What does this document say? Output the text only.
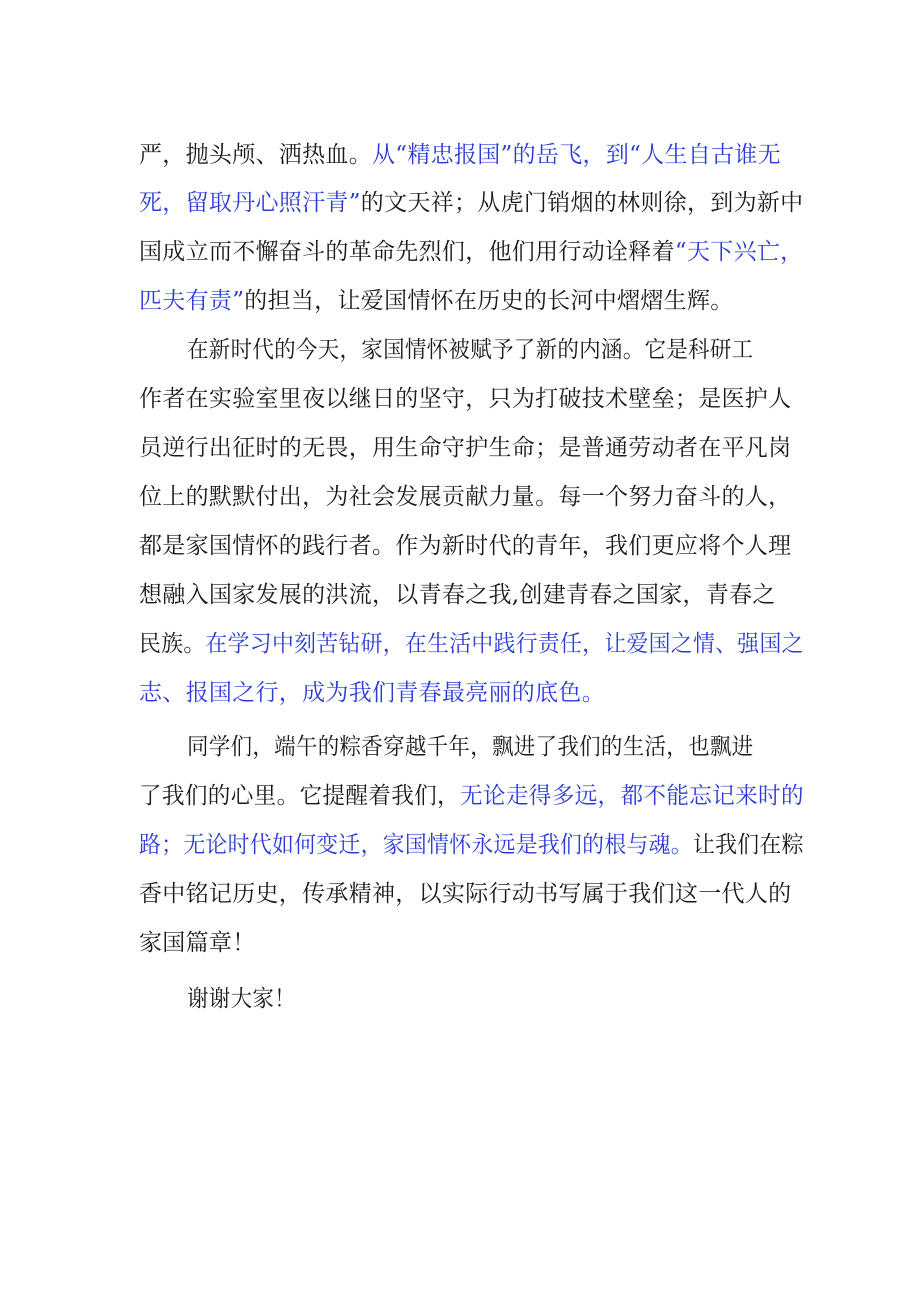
严，抛头颅、洒热血。从“精忠报国”的岳飞，到“人生自古谁无
死，留取丹心照汗青”的文天祥；从虎门销烟的林则徐，到为新中
国成立而不懈奋斗的革命先烈们，他们用行动诠释着“天下兴亡，
匹夫有责”的担当，让爱国情怀在历史的长河中熠熠生辉。
在新时代的今天，家国情怀被赋予了新的内涵。它是科研工
作者在实验室里夜以继日的坚守，只为打破技术壁垒；是医护人
员逆行出征时的无畏，用生命守护生命；是普通劳动者在平凡岗
位上的默默付出，为社会发展贡献力量。每一个努力奋斗的人，
都是家国情怀的践行者。作为新时代的青年，我们更应将个人理
想融入国家发展的洪流，以青春之我,创建青春之国家，青春之
民族。在学习中刻苦钻研，在生活中践行责任，让爱国之情、强国之
志、报国之行，成为我们青春最亮丽的底色。
同学们，端午的粽香穿越千年，飘进了我们的生活，也飘进
了我们的心里。它提醒着我们，无论走得多远，都不能忘记来时的
路；无论时代如何变迁，家国情怀永远是我们的根与魂。让我们在粽
香中铭记历史，传承精神，以实际行动书写属于我们这一代人的
家国篇章！
谢谢大家！
